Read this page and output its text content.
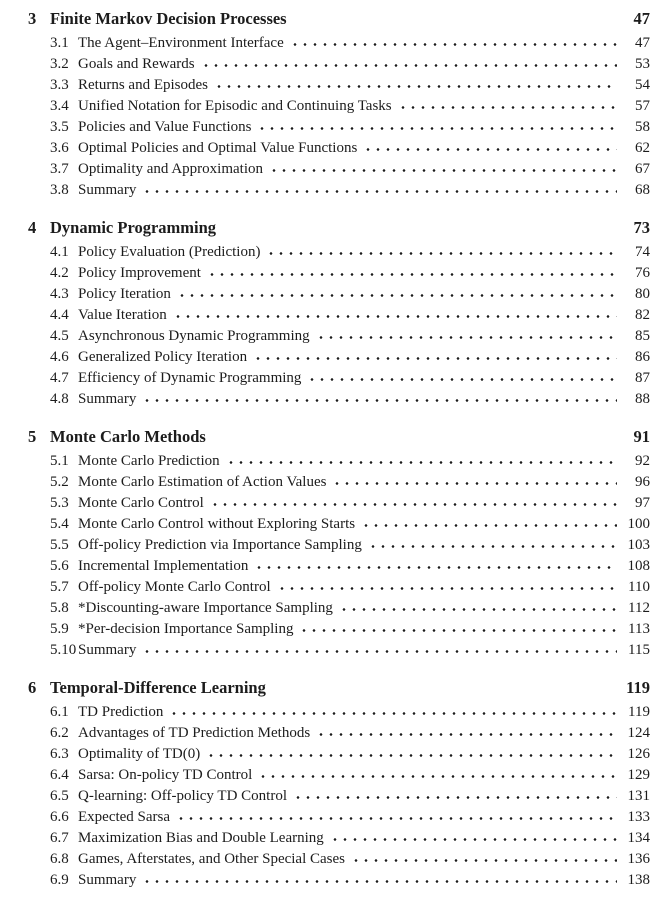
3 Finite Markov Decision Processes	47
3.1 The Agent–Environment Interface	47
3.2 Goals and Rewards	53
3.3 Returns and Episodes	54
3.4 Unified Notation for Episodic and Continuing Tasks	57
3.5 Policies and Value Functions	58
3.6 Optimal Policies and Optimal Value Functions	62
3.7 Optimality and Approximation	67
3.8 Summary	68
4 Dynamic Programming	73
4.1 Policy Evaluation (Prediction)	74
4.2 Policy Improvement	76
4.3 Policy Iteration	80
4.4 Value Iteration	82
4.5 Asynchronous Dynamic Programming	85
4.6 Generalized Policy Iteration	86
4.7 Efficiency of Dynamic Programming	87
4.8 Summary	88
5 Monte Carlo Methods	91
5.1 Monte Carlo Prediction	92
5.2 Monte Carlo Estimation of Action Values	96
5.3 Monte Carlo Control	97
5.4 Monte Carlo Control without Exploring Starts	100
5.5 Off-policy Prediction via Importance Sampling	103
5.6 Incremental Implementation	108
5.7 Off-policy Monte Carlo Control	110
5.8 *Discounting-aware Importance Sampling	112
5.9 *Per-decision Importance Sampling	113
5.10 Summary	115
6 Temporal-Difference Learning	119
6.1 TD Prediction	119
6.2 Advantages of TD Prediction Methods	124
6.3 Optimality of TD(0)	126
6.4 Sarsa: On-policy TD Control	129
6.5 Q-learning: Off-policy TD Control	131
6.6 Expected Sarsa	133
6.7 Maximization Bias and Double Learning	134
6.8 Games, Afterstates, and Other Special Cases	136
6.9 Summary	138
